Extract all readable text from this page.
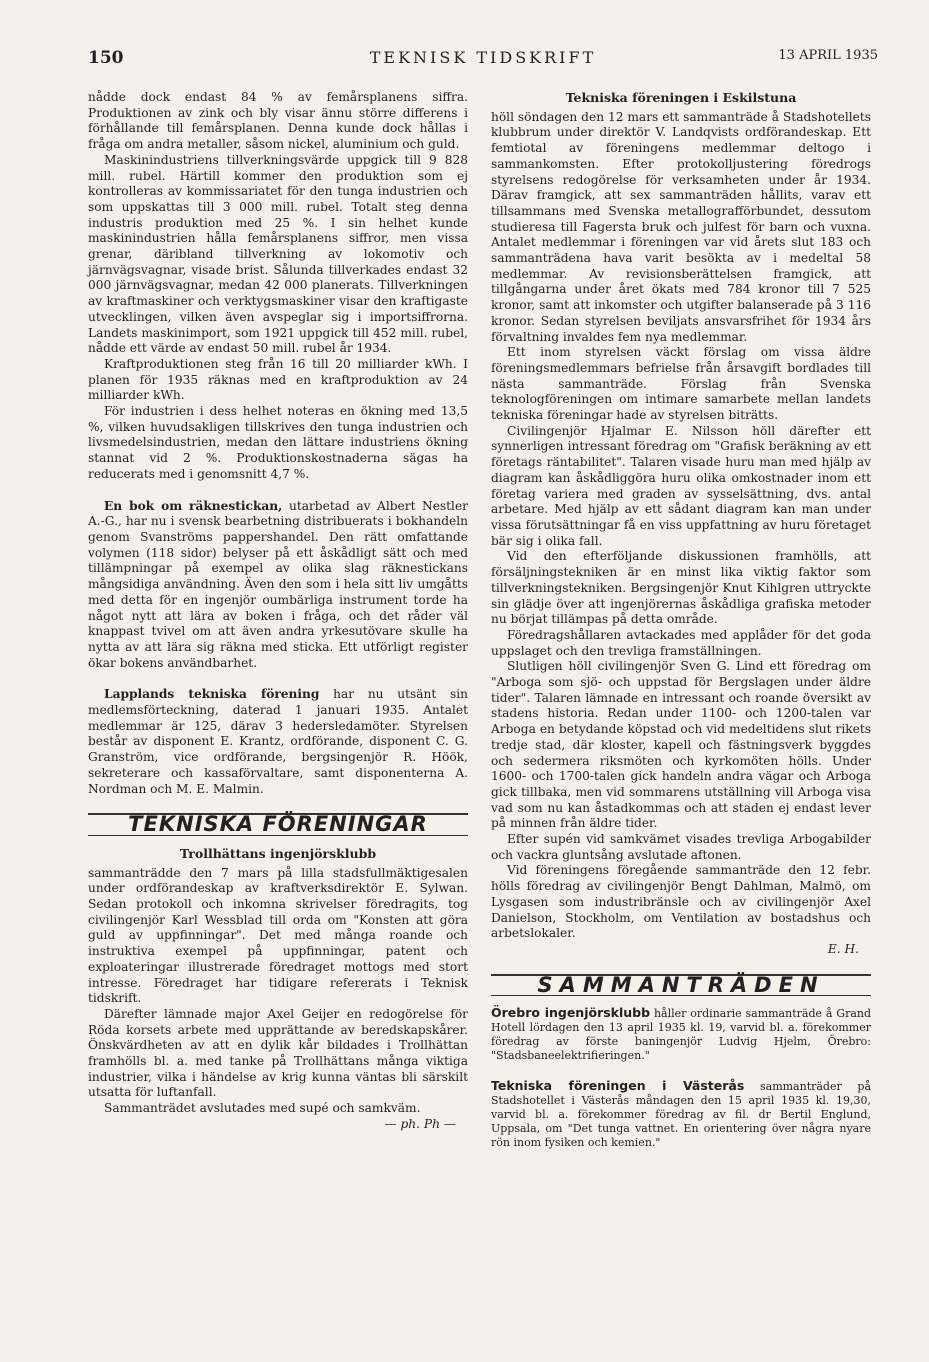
150	TEKNISK TIDSKRIFT	13 APRIL 1935

nådde dock endast 84 % av femårsplanens siffra. Produktionen av zink och bly visar ännu större differens i förhållande till femårsplanen. Denna kunde dock hållas i fråga om andra metaller, såsom nickel, aluminium och guld.

Maskinindustriens tillverkningsvärde uppgick till 9 828 mill. rubel. Härtill kommer den produktion som ej kontrolleras av kommissariatet för den tunga industrien och som uppskattas till 3 000 mill. rubel. Totalt steg denna industris produktion med 25 %. I sin helhet kunde maskinindustrien hålla femårsplanens siffror, men vissa grenar, däribland tillverkning av lokomotiv och järnvägsvagnar, visade brist. Sålunda tillverkades endast 32 000 järnvägsvagnar, medan 42 000 planerats. Tillverkningen av kraftmaskiner och verktygsmaskiner visar den kraftigaste utvecklingen, vilken även avspeglar sig i importsiffrorna. Landets maskinimport, som 1921 uppgick till 452 mill. rubel, nådde ett värde av endast 50 mill. rubel år 1934.

Kraftproduktionen steg från 16 till 20 milliarder kWh. I planen för 1935 räknas med en kraftproduktion av 24 milliarder kWh.

För industrien i dess helhet noteras en ökning med 13,5 %, vilken huvudsakligen tillskrives den tunga industrien och livsmedelsindustrien, medan den lättare industriens ökning stannat vid 2 %. Produktionskostnaderna sägas ha reducerats med i genomsnitt 4,7 %.

En bok om räknestickan, utarbetad av Albert Nestler A.-G., har nu i svensk bearbetning distribuerats i bokhandeln genom Svanströms pappershandel. Den rätt omfattande volymen (118 sidor) belyser på ett åskådligt sätt och med tillämpningar på exempel av olika slag räknestickans mångsidiga användning. Även den som i hela sitt liv umgåtts med detta för en ingenjör oumbärliga instrument torde ha något nytt att lära av boken i fråga, och det råder väl knappast tvivel om att även andra yrkesutövare skulle ha nytta av att lära sig räkna med sticka. Ett utförligt register ökar bokens användbarhet.

Lapplands tekniska förening har nu utsänt sin medlemsförteckning, daterad 1 januari 1935. Antalet medlemmar är 125, därav 3 hedersledamöter. Styrelsen består av disponent E. Krantz, ordförande, disponent C. G. Granström, vice ordförande, bergsingenjör R. Höök, sekreterare och kassaförvaltare, samt disponenterna A. Nordman och M. E. Malmin.

TEKNISKA FÖRENINGAR
Trollhättans ingenjörsklubb

sammanträdde den 7 mars på lilla stadsfullmäktigesalen under ordförandeskap av kraftverksdirektör E. Sylwan. Sedan protokoll och inkomna skrivelser föredragits, tog civilingenjör Karl Wessblad till orda om "Konsten att göra guld av uppfinningar". Det med många roande och instruktiva exempel på uppfinningar, patent och exploateringar illustrerade föredraget mottogs med stort intresse. Föredraget har tidigare refererats i Teknisk tidskrift.

Därefter lämnade major Axel Geijer en redogörelse för Röda korsets arbete med upprättande av beredskapskårer. Önskvärdheten av att en dylik kår bildades i Trollhättan framhölls bl. a. med tanke på Trollhättans många viktiga industrier, vilka i händelse av krig kunna väntas bli särskilt utsatta för luftanfall.

Sammanträdet avslutades med supé och samkväm.

— ph. Ph —

Tekniska föreningen i Eskilstuna

höll söndagen den 12 mars ett sammanträde å Stadshotellets klubbrum under direktör V. Landqvists ordförandeskap. Ett femtiotal av föreningens medlemmar deltogo i sammankomsten. Efter protokolljustering föredrogs styrelsens redogörelse för verksamheten under år 1934. Därav framgick, att sex sammanträden hållits, varav ett tillsammans med Svenska metallografförbundet, dessutom studieresa till Fagersta bruk och julfest för barn och vuxna. Antalet medlemmar i föreningen var vid årets slut 183 och sammanträdena hava varit besökta av i medeltal 58 medlemmar. Av revisionsberättelsen framgick, att tillgångarna under året ökats med 784 kronor till 7 525 kronor, samt att inkomster och utgifter balanserade på 3 116 kronor. Sedan styrelsen beviljats ansvarsfrihet för 1934 års förvaltning invaldes fem nya medlemmar.

Ett inom styrelsen väckt förslag om vissa äldre föreningsmedlemmars befrielse från årsavgift bordlades till nästa sammanträde. Förslag från Svenska teknologföreningen om intimare samarbete mellan landets tekniska föreningar hade av styrelsen biträtts.

Civilingenjör Hjalmar E. Nilsson höll därefter ett synnerligen intressant föredrag om "Grafisk beräkning av ett företags räntabilitet". Talaren visade huru man med hjälp av diagram kan åskådliggöra huru olika omkostnader inom ett företag variera med graden av sysselsättning, dvs. antal arbetare. Med hjälp av ett sådant diagram kan man under vissa förutsättningar få en viss uppfattning av huru företaget bär sig i olika fall.

Vid den efterföljande diskussionen framhölls, att försäljningstekniken är en minst lika viktig faktor som tillverkningstekniken. Bergsingenjör Knut Kihlgren uttryckte sin glädje över att ingenjörernas åskådliga grafiska metoder nu börjat tillämpas på detta område.

Föredragshållaren avtackades med applåder för det goda uppslaget och den trevliga framställningen.

Slutligen höll civilingenjör Sven G. Lind ett föredrag om "Arboga som sjö- och uppstad för Bergslagen under äldre tider". Talaren lämnade en intressant och roande översikt av stadens historia. Redan under 1100- och 1200-talen var Arboga en betydande köpstad och vid medeltidens slut rikets tredje stad, där kloster, kapell och fästningsverk byggdes och sedermera riksmöten och kyrkomöten hölls. Under 1600- och 1700-talen gick handeln andra vägar och Arboga gick tillbaka, men vid sommarens utställning vill Arboga visa vad som nu kan åstadkommas och att staden ej endast lever på minnen från äldre tider.

Efter supén vid samkvämet visades trevliga Arbogabilder och vackra gluntsång avslutade aftonen.

Vid föreningens föregående sammanträde den 12 febr. hölls föredrag av civilingenjör Bengt Dahlman, Malmö, om Lysgasen som industribränsle och av civilingenjör Axel Danielson, Stockholm, om Ventilation av bostadshus och arbetslokaler.

E. H.

SAMMANTRÄDEN

Örebro ingenjörsklubb håller ordinarie sammanträde å Grand Hotell lördagen den 13 april 1935 kl. 19, varvid bl. a. förekommer föredrag av förste baningenjör Ludvig Hjelm, Örebro: "Stadsbaneelektrifieringen."

Tekniska föreningen i Västerås sammanträder på Stadshotellet i Västerås måndagen den 15 april 1935 kl. 19,30, varvid bl. a. förekommer föredrag av fil. dr Bertil Englund, Uppsala, om "Det tunga vattnet. En orientering över några nyare rön inom fysiken och kemien."
